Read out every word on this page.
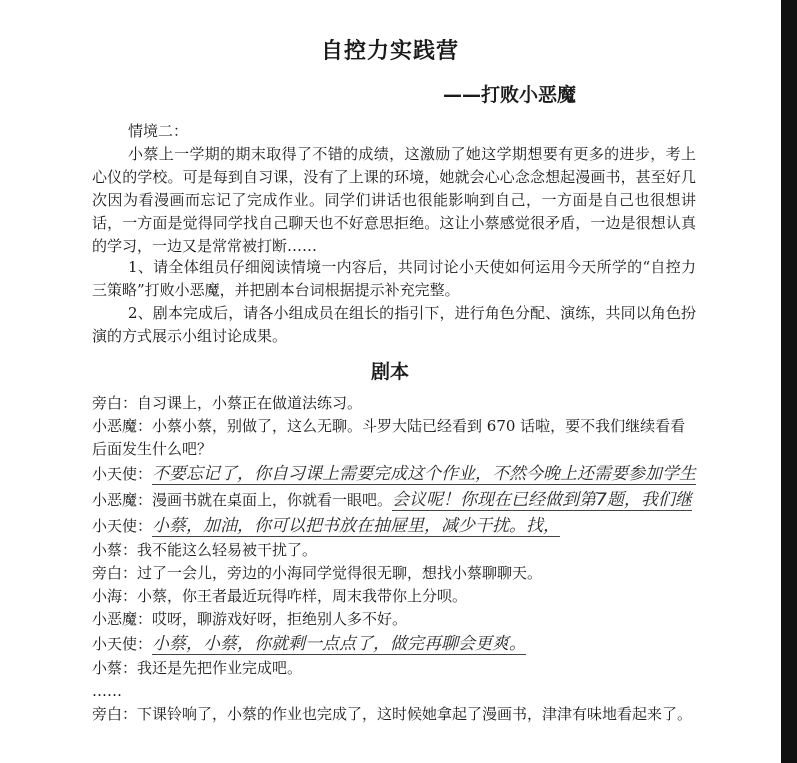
自控力实践营
——打败小恶魔
情境二：
小蔡上一学期的期末取得了不错的成绩，这激励了她这学期想要有更多的进步，考上心仪的学校。可是每到自习课，没有了上课的环境，她就会心心念念想起漫画书，甚至好几次因为看漫画而忘记了完成作业。同学们讲话也很能影响到自己，一方面是自己也很想讲话，一方面是觉得同学找自己聊天也不好意思拒绝。这让小蔡感觉很矛盾，一边是很想认真的学习，一边又是常常被打断……
1、请全体组员仔细阅读情境一内容后，共同讨论小天使如何运用今天所学的“自控力三策略”打败小恶魔，并把剧本台词根据提示补充完整。
2、剧本完成后，请各小组成员在组长的指引下，进行角色分配、演练，共同以角色扮演的方式展示小组讨论成果。
剧本
旁白：自习课上，小蔡正在做道法练习。
小恶魔：小蔡小蔡，别做了，这么无聊。斗罗大陆已经看到 670 话啦，要不我们继续看看后面发生什么吧？
小天使：不要忘记了，你自习课上需要完成这个作业，不然今晚上还需要参加学生
小恶魔：漫画书就在桌面上，你就看一眼吧。会议呢！你现在已经做到第7题，我们继
小天使：小蔡，加油，你可以把书放在抽屉里，减少干扰。找，
小蔡：我不能这么轻易被干扰了。
旁白：过了一会儿，旁边的小海同学觉得很无聊，想找小蔡聊聊天。
小海：小蔡，你王者最近玩得咋样，周末我带你上分呗。
小恶魔：哎呀，聊游戏好呀，拒绝别人多不好。
小天使：小蔡，小蔡，你就剩一点点了，做完再聊会更爽。
小蔡：我还是先把作业完成吧。
……
旁白：下课铃响了，小蔡的作业也完成了，这时候她拿起了漫画书，津津有味地看起来了。
